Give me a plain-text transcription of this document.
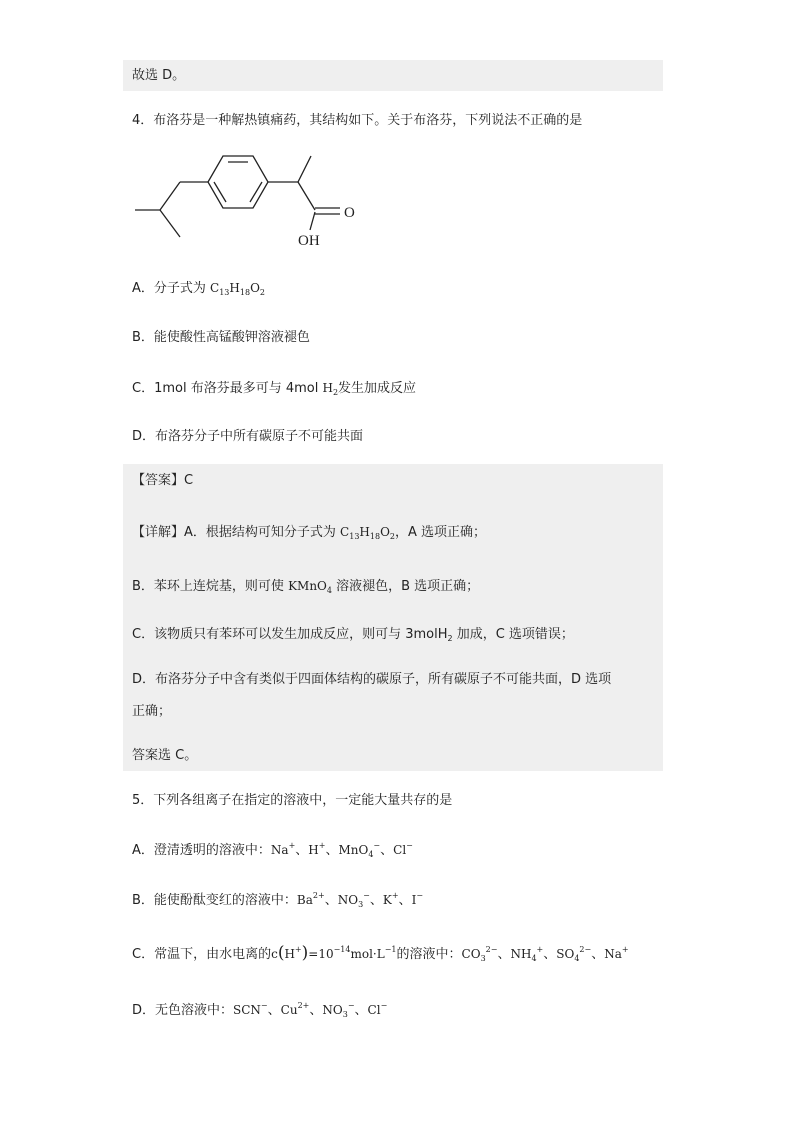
故选 D。
4．布洛芬是一种解热镇痛药，其结构如下。关于布洛芬，下列说法不正确的是
O
OH
A．分子式为 $C_{13}H_{18}O_2$
B．能使酸性高锰酸钾溶液褪色
C．1mol 布洛芬最多可与 4mol $H_2$发生加成反应
D．布洛芬分子中所有碳原子不可能共面
【答案】C
【详解】A．根据结构可知分子式为 $C_{13}H_{18}O_2$，A 选项正确；
B．苯环上连烷基，则可使 KMnO$_4$ 溶液褪色，B 选项正确；
C．该物质只有苯环可以发生加成反应，则可与 3molH$_2$ 加成，C 选项错误；
D．布洛芬分子中含有类似于四面体结构的碳原子，所有碳原子不可能共面，D 选项
正确；
答案选 C。
5．下列各组离子在指定的溶液中，一定能大量共存的是
A．澄清透明的溶液中：Na+、H+、MnO$_4$−、Cl−
B．能使酚酞变红的溶液中：$Ba^{2+}$、$NO_3^-$、K+、I−
C．常温下，由水电离的$c(H^+)=10^{-14}mol\cdot L^{-1}$的溶液中：$CO_3^{2-}$、$NH_4^+$、$SO_4^{2-}$、Na+
D．无色溶液中：SCN−、$Cu^{2+}$、$NO_3^-$、Cl−
